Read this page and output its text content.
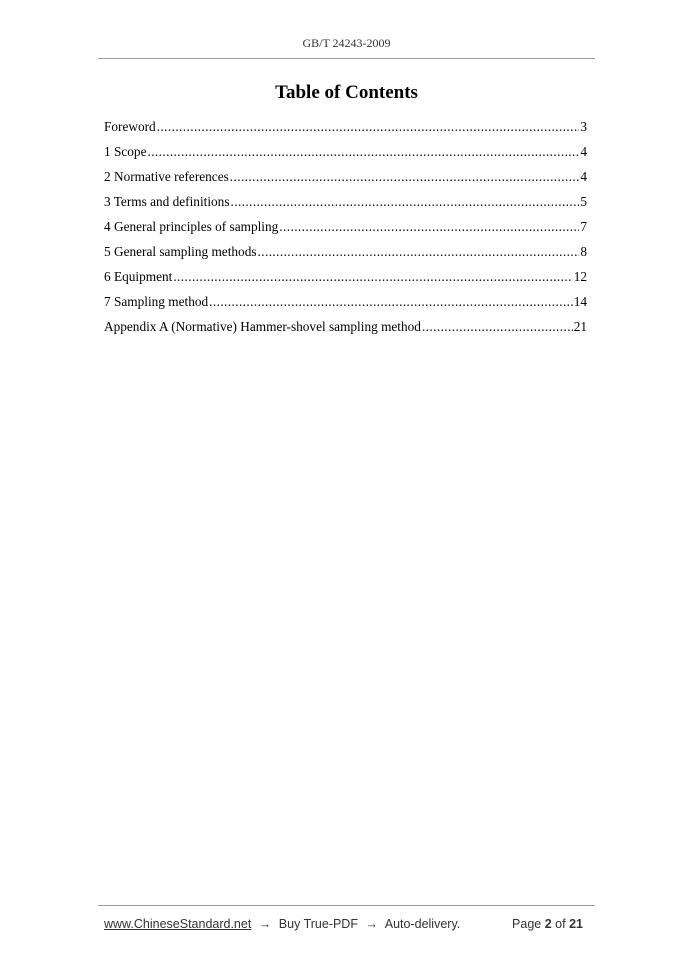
GB/T 24243-2009
Table of Contents
Foreword .....	3
1 Scope .....	4
2 Normative references .....	4
3 Terms and definitions .....	5
4 General principles of sampling .....	7
5 General sampling methods .....	8
6 Equipment .....	12
7 Sampling method .....	14
Appendix A (Normative) Hammer-shovel sampling method .....	21
www.ChineseStandard.net → Buy True-PDF → Auto-delivery.	Page 2 of 21
